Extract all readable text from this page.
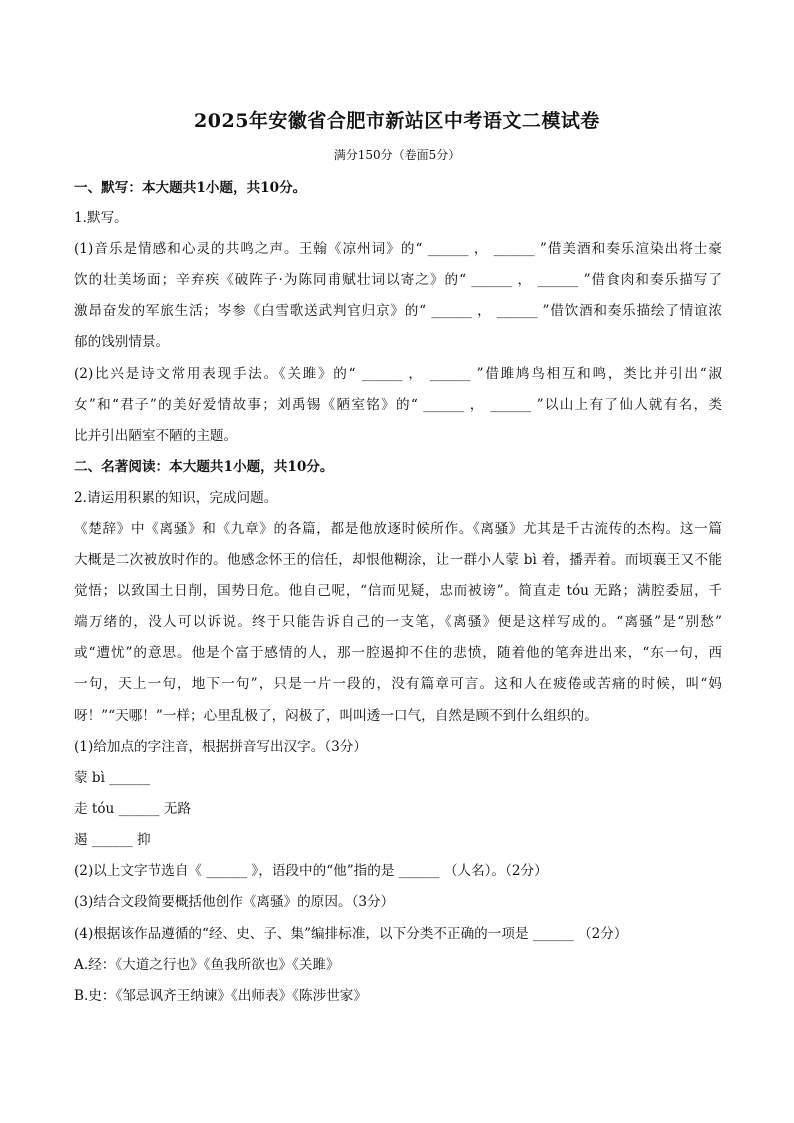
2025年安徽省合肥市新站区中考语文二模试卷
满分150分（卷面5分）
一、默写：本大题共1小题，共10分。
1.默写。
(1)音乐是情感和心灵的共鸣之声。王翰《凉州词》的“ ______ ， ______ ”借美酒和奏乐渲染出将士豪
饮的壮美场面；辛弃疾《破阵子·为陈同甫赋壮词以寄之》的“ ______ ， ______ ”借食肉和奏乐描写了
激昂奋发的军旅生活；岑参《白雪歌送武判官归京》的“ ______ ， ______ ”借饮酒和奏乐描绘了情谊浓
郁的饯别情景。
(2)比兴是诗文常用表现手法。《关雎》的“ ______ ， ______ ”借雎鸠鸟相互和鸣，类比并引出“淑
女”和“君子”的美好爱情故事；刘禹锡《陋室铭》的“ ______ ， ______ ”以山上有了仙人就有名，类
比并引出陋室不陋的主题。
二、名著阅读：本大题共1小题，共10分。
2.请运用积累的知识，完成问题。
《楚辞》中《离骚》和《九章》的各篇，都是他放逐时候所作。《离骚》尤其是千古流传的杰构。这一篇
大概是二次被放时作的。他感念怀王的信任，却恨他糊涂，让一群小人蒙 bì 着，播弄着。而顷襄王又不能
觉悟；以致国土日削，国势日危。他自己呢，“信而见疑，忠而被谤”。简直走 tóu 无路；满腔委屈，千
端万绪的，没人可以诉说。终于只能告诉自己的一支笔，《离骚》便是这样写成的。“离骚”是“别愁”
或“遭忧”的意思。他是个富于感情的人，那一腔遏抑不住的悲愤，随着他的笔奔进出来，“东一句，西
一句，天上一句，地下一句”，只是一片一段的，没有篇章可言。这和人在疲倦或苦痛的时候，叫“妈
呀！”“天哪！”一样；心里乱极了，闷极了，叫叫透一口气，自然是顾不到什么组织的。
(1)给加点的字注音，根据拼音写出汉字。（3分）
蒙 bì ______
走 tóu ______ 无路
遏 ______ 抑
(2)以上文字节选自《 ______ 》，语段中的“他”指的是 ______ （人名）。（2分）
(3)结合文段简要概括他创作《离骚》的原因。（3分）
(4)根据该作品遵循的“经、史、子、集”编排标准，以下分类不正确的一项是 ______ （2分）
A.经：《大道之行也》《鱼我所欲也》《关雎》
B.史：《邹忌讽齐王纳谏》《出师表》《陈涉世家》
